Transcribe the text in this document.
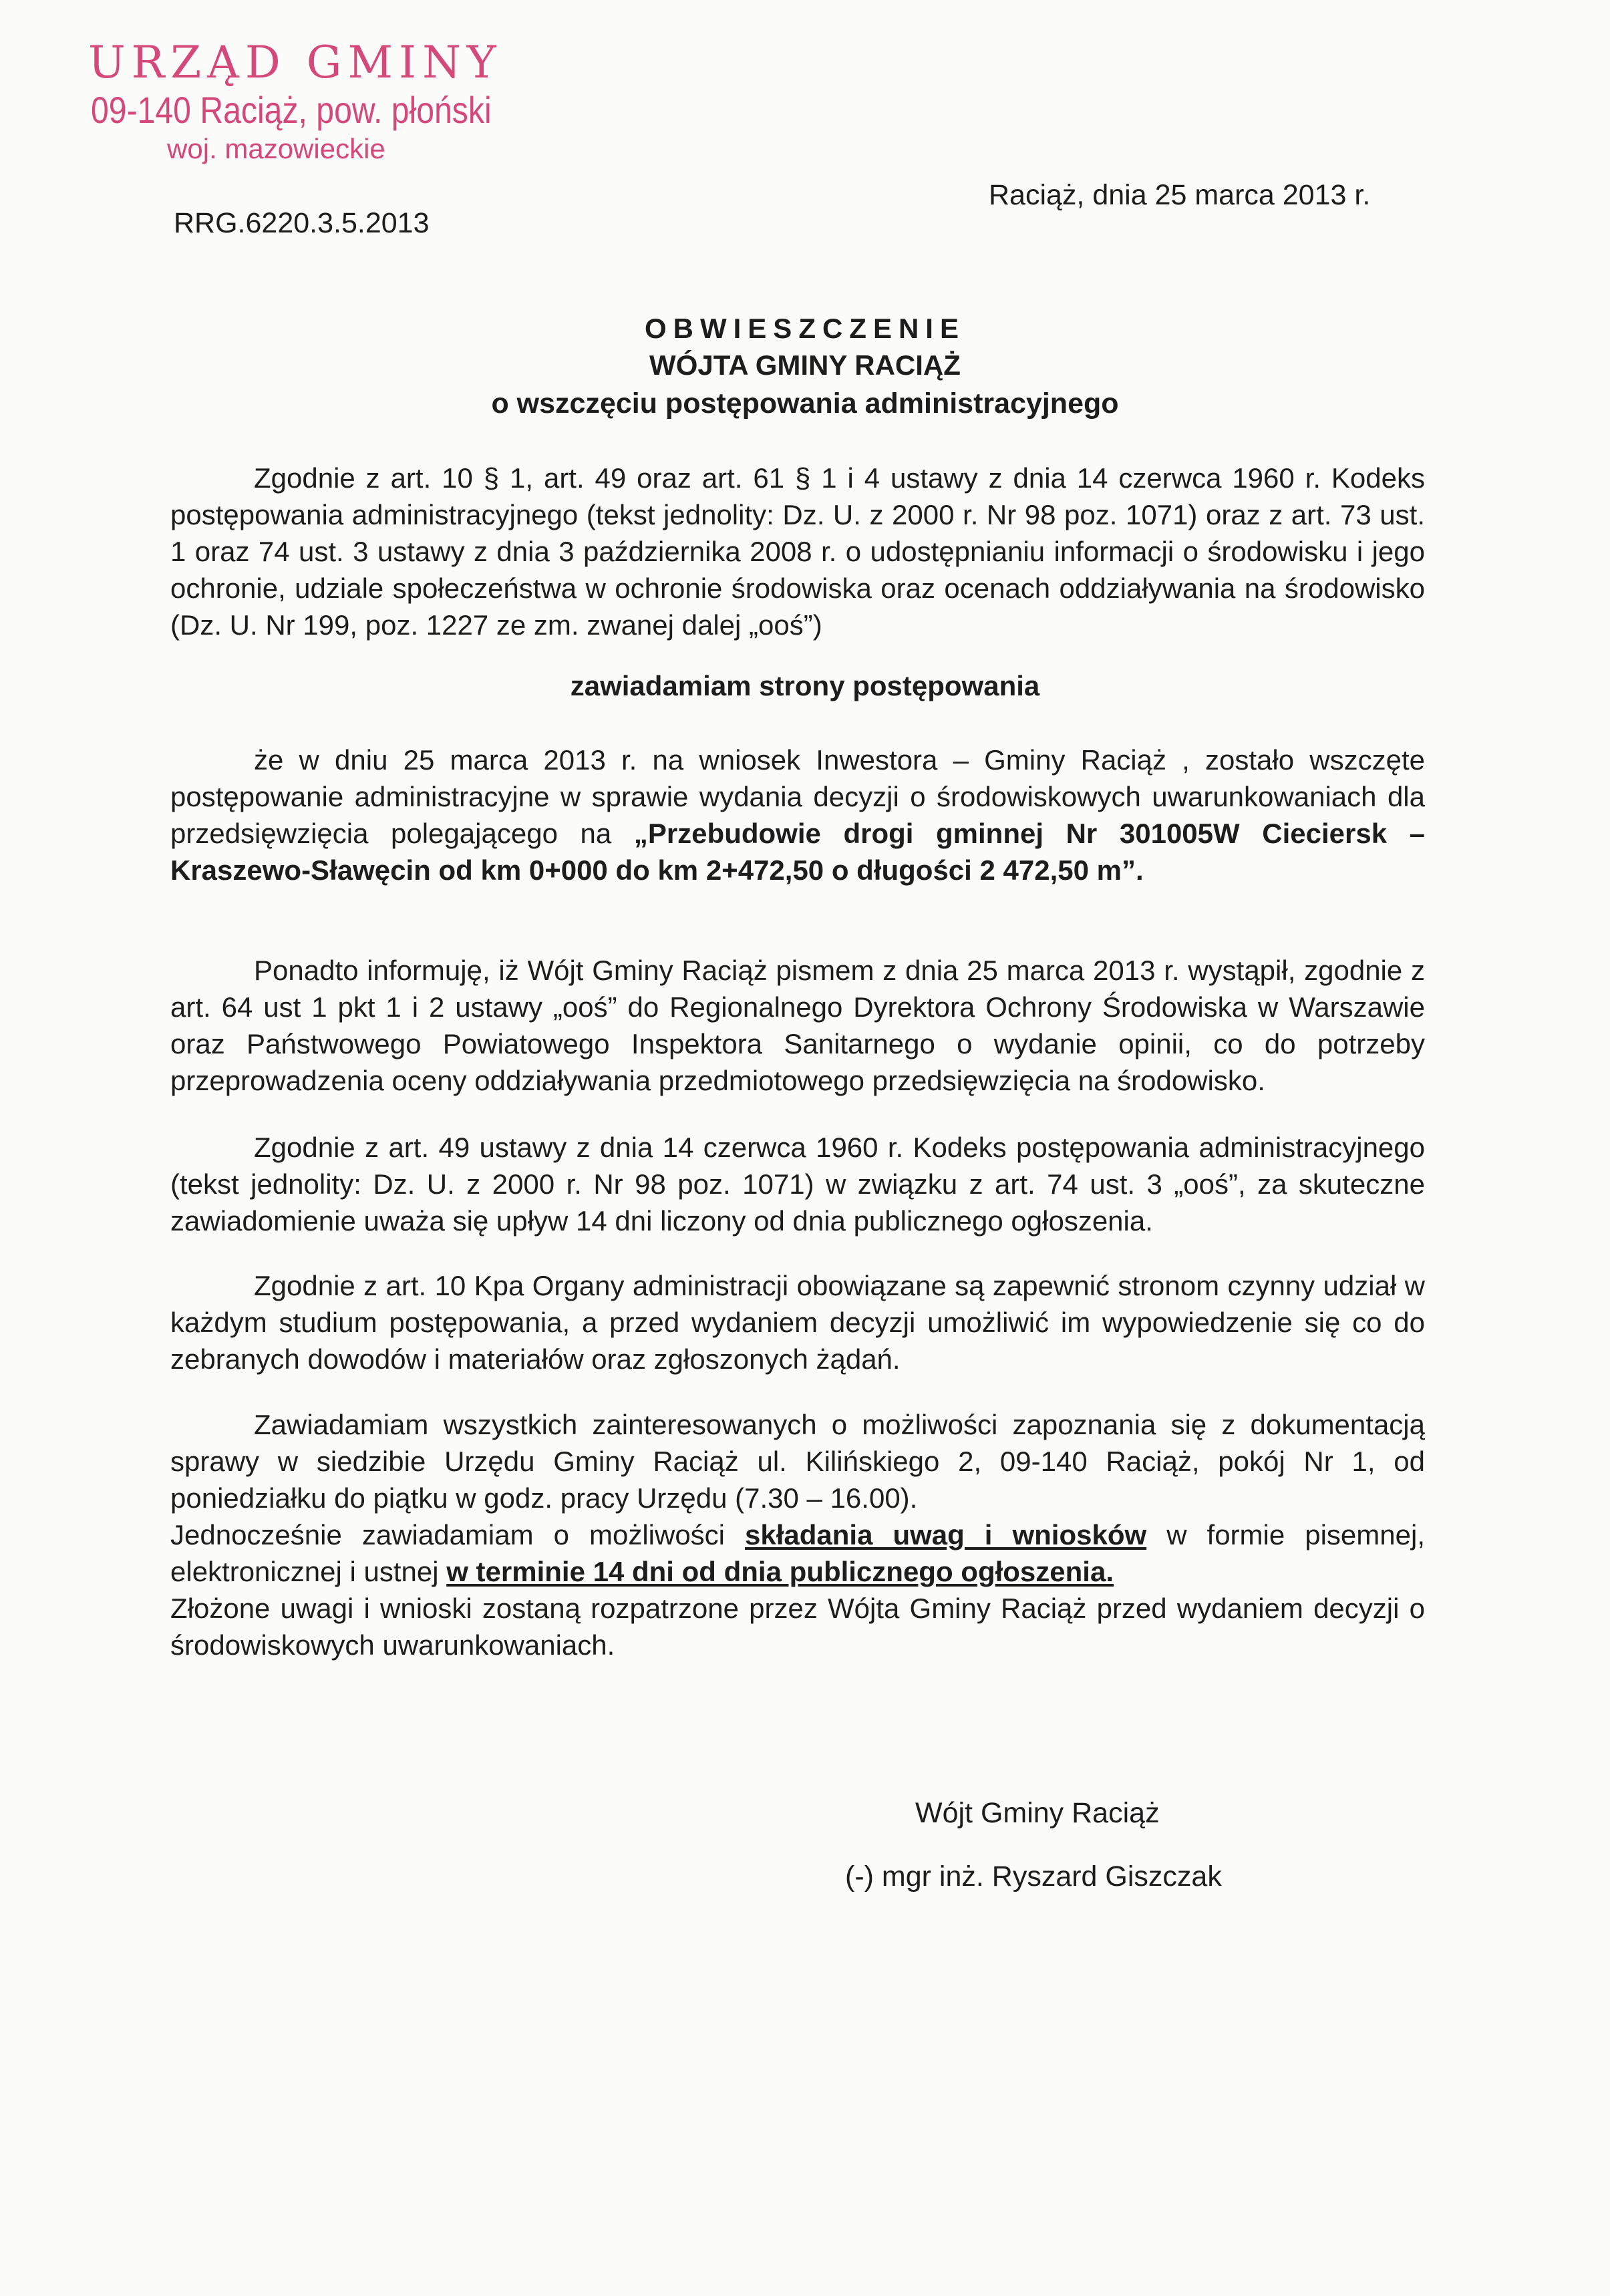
URZĄD GMINY
09-140 Raciąż, pow. płoński
woj. mazowieckie
RRG.6220.3.5.2013
Raciąż, dnia 25 marca 2013 r.
OBWIESZCZENIE
WÓJTA GMINY RACIĄŻ
o wszczęciu postępowania administracyjnego
Zgodnie z art. 10 § 1, art. 49 oraz art. 61 § 1 i 4 ustawy z dnia 14 czerwca 1960 r. Kodeks postępowania administracyjnego (tekst jednolity: Dz. U. z 2000 r. Nr 98 poz. 1071) oraz z art. 73 ust. 1 oraz 74 ust. 3 ustawy z dnia 3 października 2008 r. o udostępnianiu informacji o środowisku i jego ochronie, udziale społeczeństwa w ochronie środowiska oraz ocenach oddziaływania na środowisko (Dz. U. Nr 199, poz. 1227 ze zm. zwanej dalej „ooś”)
zawiadamiam strony postępowania
że w dniu 25 marca 2013 r. na wniosek Inwestora – Gminy Raciąż , zostało wszczęte postępowanie administracyjne w sprawie wydania decyzji o środowiskowych uwarunkowaniach dla przedsięwzięcia polegającego na „Przebudowie drogi gminnej Nr 301005W Cieciersk – Kraszewo-Sławęcin od km 0+000 do km 2+472,50 o długości 2 472,50 m”.
Ponadto informuję, iż Wójt Gminy Raciąż pismem z dnia 25 marca 2013 r. wystąpił, zgodnie z art. 64 ust 1 pkt 1 i 2 ustawy „ooś” do Regionalnego Dyrektora Ochrony Środowiska w Warszawie oraz Państwowego Powiatowego Inspektora Sanitarnego o wydanie opinii, co do potrzeby przeprowadzenia oceny oddziaływania przedmiotowego przedsięwzięcia na środowisko.
Zgodnie z art. 49 ustawy z dnia 14 czerwca 1960 r. Kodeks postępowania administracyjnego (tekst jednolity: Dz. U. z 2000 r. Nr 98 poz. 1071) w związku z art. 74 ust. 3 „ooś”, za skuteczne zawiadomienie uważa się upływ 14 dni liczony od dnia publicznego ogłoszenia.
Zgodnie z art. 10 Kpa Organy administracji obowiązane są zapewnić stronom czynny udział w każdym studium postępowania, a przed wydaniem decyzji umożliwić im wypowiedzenie się co do zebranych dowodów i materiałów oraz zgłoszonych żądań.
Zawiadamiam wszystkich zainteresowanych o możliwości zapoznania się z dokumentacją sprawy w siedzibie Urzędu Gminy Raciąż ul. Kilińskiego 2, 09-140 Raciąż, pokój Nr 1, od poniedziałku do piątku w godz. pracy Urzędu (7.30 – 16.00).
Jednocześnie zawiadamiam o możliwości składania uwag i wniosków w formie pisemnej, elektronicznej i ustnej w terminie 14 dni od dnia publicznego ogłoszenia.
Złożone uwagi i wnioski zostaną rozpatrzone przez Wójta Gminy Raciąż przed wydaniem decyzji o środowiskowych uwarunkowaniach.
Wójt Gminy Raciąż
(-) mgr inż. Ryszard Giszczak
